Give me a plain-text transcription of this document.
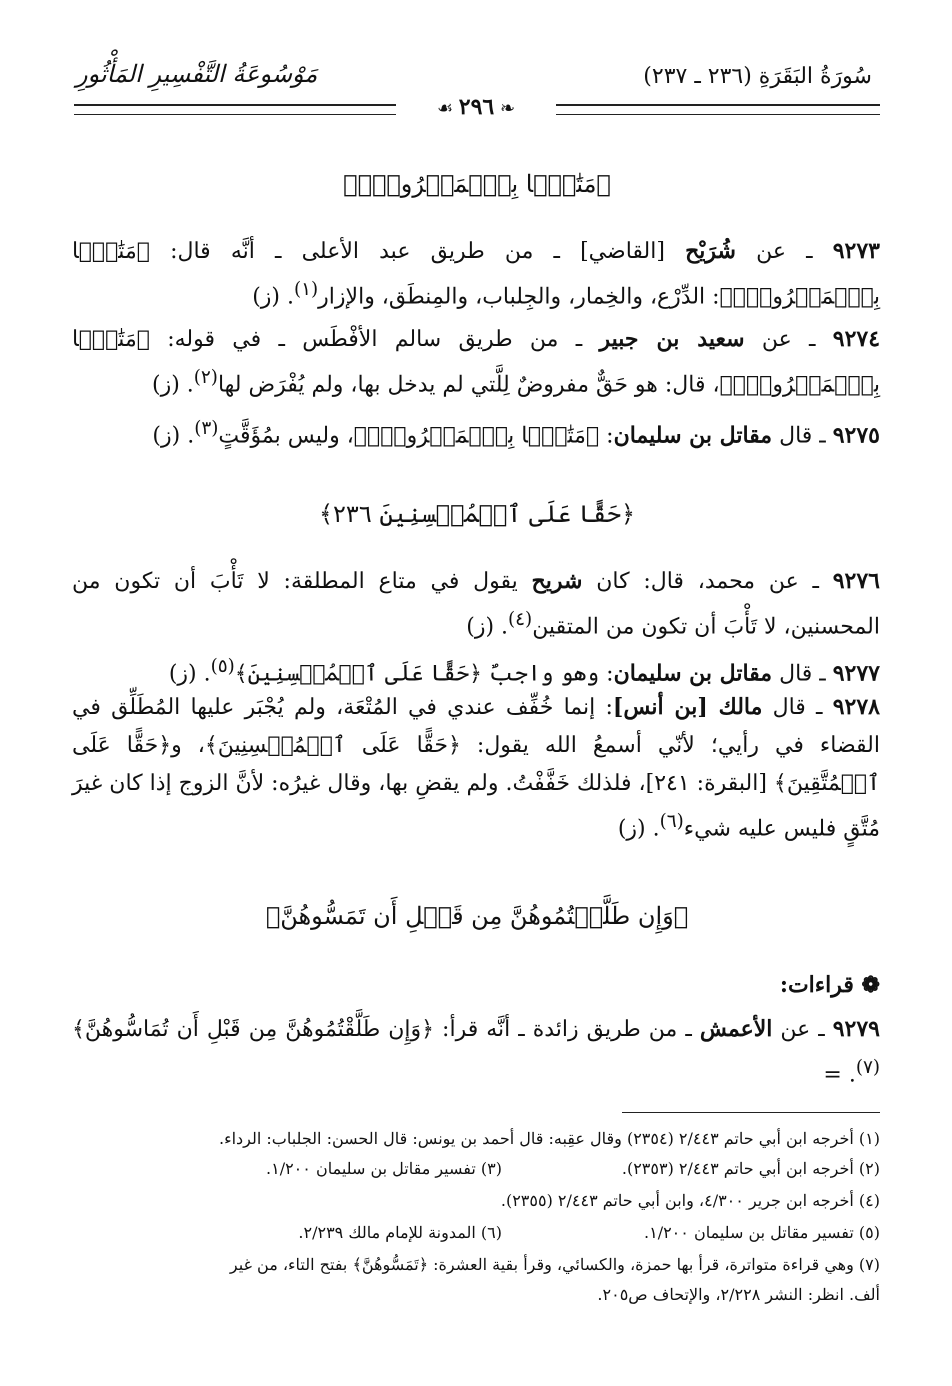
سُورَةُ البَقَرَةِ (٢٣٦ ـ ٢٣٧)
مَوْسُوعَةُ التَّفْسِيرِ المَأْثُورِ
❧ ٢٩٦ ☙
﴿مَتَٰعَۢا بِٱلۡمَعۡرُوفِۖ﴾
٩٢٧٣ ـ عن شُرَيْح [القاضي] ـ من طريق عبد الأعلى ـ أنَّه قال: ﴿مَتَٰعَۢا بِٱلۡمَعۡرُوفِۖ﴾: الدِّرْع، والخِمار، والجِلباب، والمِنطَق، والإزار$^{(١)}$. (ز)
٩٢٧٤ ـ عن سعيد بن جبير ـ من طريق سالم الأفْطَس ـ في قوله: ﴿مَتَٰعَۢا بِٱلۡمَعۡرُوفِۖ﴾، قال: هو حَقٌّ مفروضٌ لِلَّتي لم يدخل بها، ولم يُفْرَض لها$^{(٢)}$. (ز)
٩٢٧٥ ـ قال مقاتل بن سليمان: ﴿مَتَٰعَۢا بِٱلۡمَعۡرُوفِۖ﴾، وليس بمُؤَقَّتٍ$^{(٣)}$. (ز)
﴿حَقًّا عَلَى ٱلۡمُحۡسِنِينَ ٢٣٦﴾
٩٢٧٦ ـ عن محمد، قال: كان شريح يقول في متاع المطلقة: لا تَأْبَ أن تكون من المحسنين، لا تَأْبَ أن تكون من المتقين$^{(٤)}$. (ز)
٩٢٧٧ ـ قال مقاتل بن سليمان: وهو واجبٌ ﴿حَقًّا عَلَى ٱلۡمُحۡسِنِينَ﴾$^{(٥)}$. (ز)
٩٢٧٨ ـ قال مالك [بن أنس]: إنما خُفِّف عندي في المُتْعَة، ولم يُجْبَر عليها المُطَلِّق في القضاء في رأيي؛ لأنّي أسمعُ الله يقول: ﴿حَقًّا عَلَى ٱلۡمُحۡسِنِينَ﴾، و﴿حَقًّا عَلَى ٱلۡمُتَّقِينَ﴾ [البقرة: ٢٤١]، فلذلك خَفَّفْتُ. ولم يقضِ بها، وقال غيرُه: لأنَّ الزوج إذا كان غيرَ مُتَّقٍ فليس عليه شيء$^{(٦)}$. (ز)
﴿وَإِن طَلَّقۡتُمُوهُنَّ مِن قَبۡلِ أَن تَمَسُّوهُنَّ﴾
❁ قراءات:
٩٢٧٩ ـ عن الأعمش ـ من طريق زائدة ـ أنَّه قرأ: ﴿وَإِن طَلَّقْتُمُوهُنَّ مِن قَبْلِ أَن تُمَاسُّوهُنَّ﴾$^{(٧)}$. =
(١) أخرجه ابن أبي حاتم ٢/٤٤٣ (٢٣٥٤) وقال عقِبه: قال أحمد بن يونس: قال الحسن: الجلباب: الرداء.
(٢) أخرجه ابن أبي حاتم ٢/٤٤٣ (٢٣٥٣).
(٣) تفسير مقاتل بن سليمان ١/٢٠٠.
(٤) أخرجه ابن جرير ٤/٣٠٠، وابن أبي حاتم ٢/٤٤٣ (٢٣٥٥).
(٥) تفسير مقاتل بن سليمان ١/٢٠٠.
(٦) المدونة للإمام مالك ٢/٢٣٩.
(٧) وهي قراءة متواترة، قرأ بها حمزة، والكسائي، وقرأ بقية العشرة: ﴿تَمَسُّوهُنَّ﴾ بفتح التاء، من غير
ألف. انظر: النشر ٢/٢٢٨، والإتحاف ص٢٠٥.
